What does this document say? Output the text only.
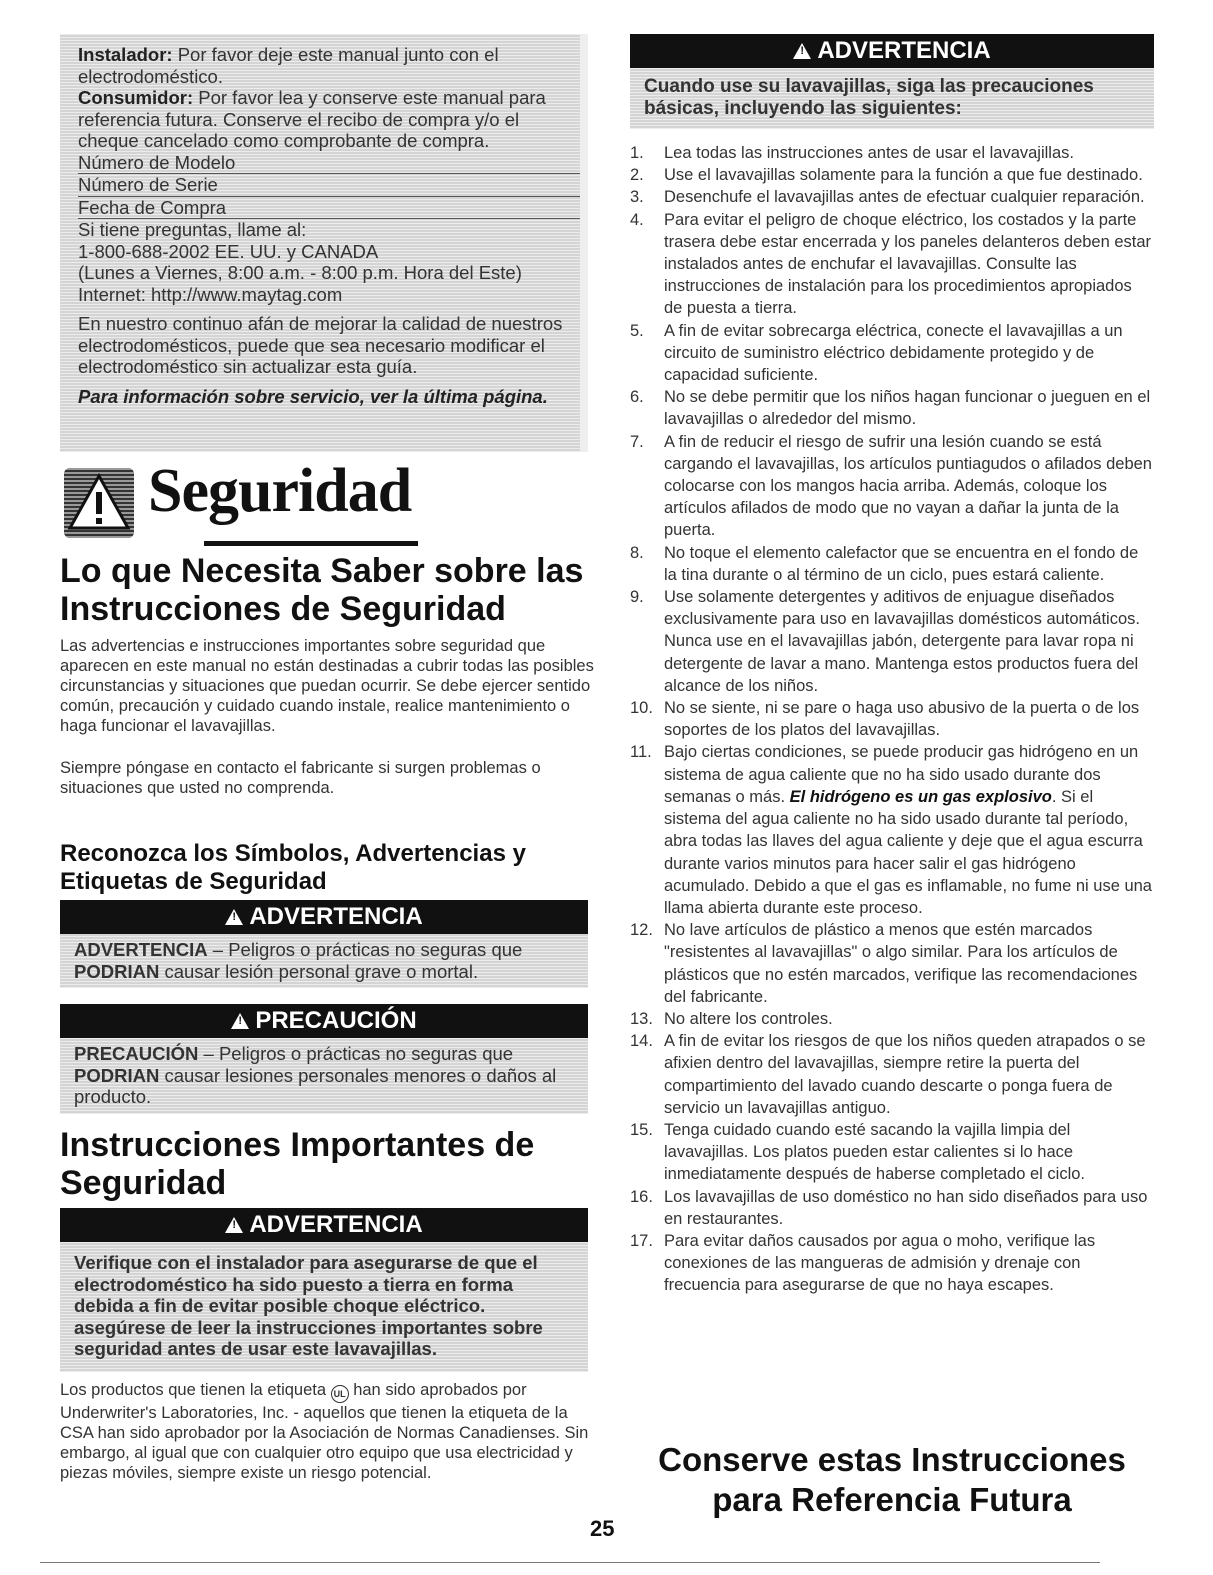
Instalador: Por favor deje este manual junto con el electrodoméstico.

Consumidor: Por favor lea y conserve este manual para referencia futura. Conserve el recibo de compra y/o el cheque cancelado como comprobante de compra.

Número de Modelo

Número de Serie

Fecha de Compra

Si tiene preguntas, llame al:

1-800-688-2002 EE. UU. y CANADA

(Lunes a Viernes, 8:00 a.m. - 8:00 p.m. Hora del Este)

Internet: http://www.maytag.com

En nuestro continuo afán de mejorar la calidad de nuestros electrodomésticos, puede que sea necesario modificar el electrodoméstico sin actualizar esta guía.

Para información sobre servicio, ver la última página.

Seguridad
Lo que Necesita Saber sobre las Instrucciones de Seguridad

Las advertencias e instrucciones importantes sobre seguridad que aparecen en este manual no están destinadas a cubrir todas las posibles circunstancias y situaciones que puedan ocurrir. Se debe ejercer sentido común, precaución y cuidado cuando instale, realice mantenimiento o haga funcionar el lavavajillas.

Siempre póngase en contacto el fabricante si surgen problemas o situaciones que usted no comprenda.

Reconozca los Símbolos, Advertencias y Etiquetas de Seguridad
!ADVERTENCIA
ADVERTENCIA – Peligros o prácticas no seguras que
PODRIAN causar lesión personal grave o mortal.
!PRECAUCIÓN
PRECAUCIÓN – Peligros o prácticas no seguras que
PODRIAN causar lesiones personales menores o daños al producto.
Instrucciones Importantes de Seguridad
!ADVERTENCIA
Verifique con el instalador para asegurarse de que el electrodoméstico ha sido puesto a tierra en forma debida a fin de evitar posible choque eléctrico. asegúrese de leer la instrucciones importantes sobre seguridad antes de usar este lavavajillas.

Los productos que tienen la etiqueta UL han sido aprobados por Underwriter's Laboratories, Inc. - aquellos que tienen la etiqueta de la CSA han sido aprobador por la Asociación de Normas Canadienses. Sin embargo, al igual que con cualquier otro equipo que usa electricidad y piezas móviles, siempre existe un riesgo potencial.

!ADVERTENCIA
Cuando use su lavavajillas, siga las precauciones básicas, incluyendo las siguientes:
1.	Lea todas las instrucciones antes de usar el lavavajillas.
2.	Use el lavavajillas solamente para la función a que fue destinado.
3.	Desenchufe el lavavajillas antes de efectuar cualquier reparación.
4.	Para evitar el peligro de choque eléctrico, los costados y la parte trasera debe estar encerrada y los paneles delanteros deben estar instalados antes de enchufar el lavavajillas. Consulte las instrucciones de instalación para los procedimientos apropiados de puesta a tierra.
5.	A fin de evitar sobrecarga eléctrica, conecte el lavavajillas a un circuito de suministro eléctrico debidamente protegido y de capacidad suficiente.
6.	No se debe permitir que los niños hagan funcionar o jueguen en el lavavajillas o alrededor del mismo.
7.	A fin de reducir el riesgo de sufrir una lesión cuando se está cargando el lavavajillas, los artículos puntiagudos o afilados deben colocarse con los mangos hacia arriba. Además, coloque los artículos afilados de modo que no vayan a dañar la junta de la puerta.
8.	No toque el elemento calefactor que se encuentra en el fondo de la tina durante o al término de un ciclo, pues estará caliente.
9.	Use solamente detergentes y aditivos de enjuague diseñados exclusivamente para uso en lavavajillas domésticos automáticos. Nunca use en el lavavajillas jabón, detergente para lavar ropa ni detergente de lavar a mano. Mantenga estos productos fuera del alcance de los niños.
10. No se siente, ni se pare o haga uso abusivo de la puerta o de los soportes de los platos del lavavajillas.
11. Bajo ciertas condiciones, se puede producir gas hidrógeno en un sistema de agua caliente que no ha sido usado durante dos semanas o más. El hidrógeno es un gas explosivo. Si el sistema del agua caliente no ha sido usado durante tal período, abra todas las llaves del agua caliente y deje que el agua escurra durante varios minutos para hacer salir el gas hidrógeno acumulado. Debido a que el gas es inflamable, no fume ni use una llama abierta durante este proceso.
12. No lave artículos de plástico a menos que estén marcados "resistentes al lavavajillas" o algo similar. Para los artículos de plásticos que no estén marcados, verifique las recomendaciones del fabricante.
13. No altere los controles.
14. A fin de evitar los riesgos de que los niños queden atrapados o se afixien dentro del lavavajillas, siempre retire la puerta del compartimiento del lavado cuando descarte o ponga fuera de servicio un lavavajillas antiguo.
15. Tenga cuidado cuando esté sacando la vajilla limpia del lavavajillas. Los platos pueden estar calientes si lo hace inmediatamente después de haberse completado el ciclo.
16. Los lavavajillas de uso doméstico no han sido diseñados para uso en restaurantes.
17. Para evitar daños causados por agua o moho, verifique las conexiones de las mangueras de admisión y drenaje con frecuencia para asegurarse de que no haya escapes.
Conserve estas Instrucciones para Referencia Futura
25
